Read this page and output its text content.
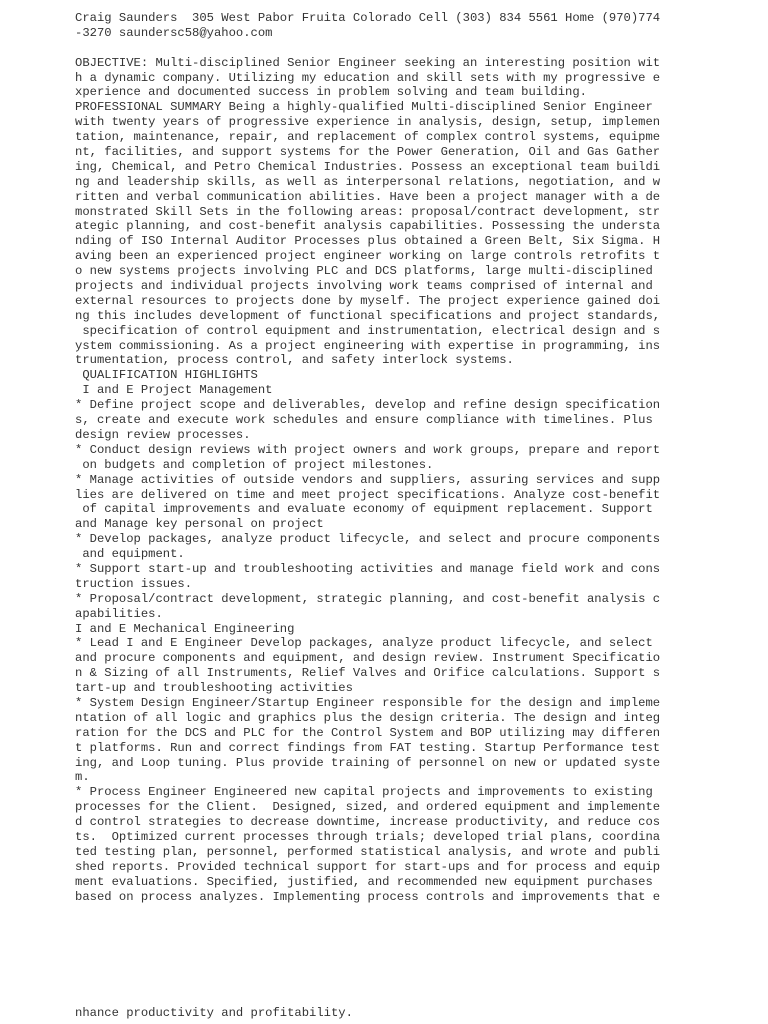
Craig Saunders  305 West Pabor Fruita Colorado Cell (303) 834 5561 Home (970)774
-3270 saundersc58@yahoo.com
OBJECTIVE: Multi-disciplined Senior Engineer seeking an interesting position wit
h a dynamic company. Utilizing my education and skill sets with my progressive e
xperience and documented success in problem solving and team building.
PROFESSIONAL SUMMARY Being a highly-qualified Multi-disciplined Senior Engineer
with twenty years of progressive experience in analysis, design, setup, implemen
tation, maintenance, repair, and replacement of complex control systems, equipme
nt, facilities, and support systems for the Power Generation, Oil and Gas Gather
ing, Chemical, and Petro Chemical Industries. Possess an exceptional team buildi
ng and leadership skills, as well as interpersonal relations, negotiation, and w
ritten and verbal communication abilities. Have been a project manager with a de
monstrated Skill Sets in the following areas: proposal/contract development, str
ategic planning, and cost-benefit analysis capabilities. Possessing the understa
nding of ISO Internal Auditor Processes plus obtained a Green Belt, Six Sigma. H
aving been an experienced project engineer working on large controls retrofits t
o new systems projects involving PLC and DCS platforms, large multi-disciplined
projects and individual projects involving work teams comprised of internal and
external resources to projects done by myself. The project experience gained doi
ng this includes development of functional specifications and project standards,
specification of control equipment and instrumentation, electrical design and s
ystem commissioning. As a project engineering with expertise in programming, ins
trumentation, process control, and safety interlock systems.
QUALIFICATION HIGHLIGHTS
I and E Project Management
* Define project scope and deliverables, develop and refine design specification
s, create and execute work schedules and ensure compliance with timelines. Plus
design review processes.
* Conduct design reviews with project owners and work groups, prepare and report
on budgets and completion of project milestones.
* Manage activities of outside vendors and suppliers, assuring services and supp
lies are delivered on time and meet project specifications. Analyze cost-benefit
of capital improvements and evaluate economy of equipment replacement. Support
and Manage key personal on project
* Develop packages, analyze product lifecycle, and select and procure components
and equipment.
* Support start-up and troubleshooting activities and manage field work and cons
truction issues.
* Proposal/contract development, strategic planning, and cost-benefit analysis c
apabilities.
I and E Mechanical Engineering
* Lead I and E Engineer Develop packages, analyze product lifecycle, and select
and procure components and equipment, and design review. Instrument Specificatio
n & Sizing of all Instruments, Relief Valves and Orifice calculations. Support s
tart-up and troubleshooting activities
* System Design Engineer/Startup Engineer responsible for the design and impleme
ntation of all logic and graphics plus the design criteria. The design and integ
ration for the DCS and PLC for the Control System and BOP utilizing may differen
t platforms. Run and correct findings from FAT testing. Startup Performance test
ing, and Loop tuning. Plus provide training of personnel on new or updated syste
m.
* Process Engineer Engineered new capital projects and improvements to existing
processes for the Client.  Designed, sized, and ordered equipment and implemente
d control strategies to decrease downtime, increase productivity, and reduce cos
ts.  Optimized current processes through trials; developed trial plans, coordina
ted testing plan, personnel, performed statistical analysis, and wrote and publi
shed reports. Provided technical support for start-ups and for process and equip
ment evaluations. Specified, justified, and recommended new equipment purchases
based on process analyzes. Implementing process controls and improvements that e
nhance productivity and profitability.
